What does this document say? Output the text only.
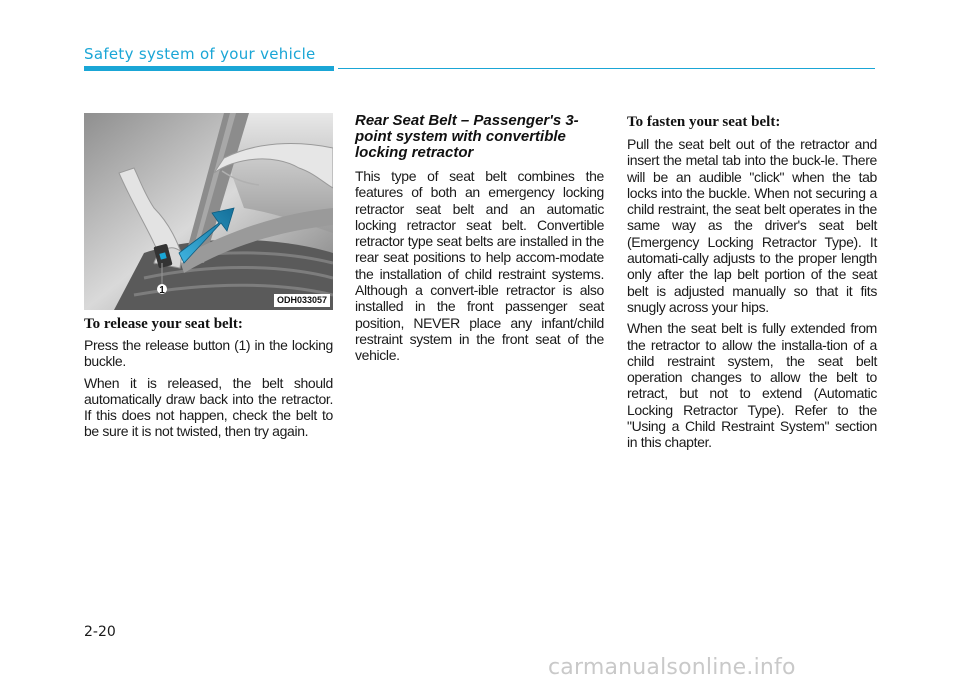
Safety system of your vehicle
1
ODH033057
To release your seat belt:

Press the release button (1) in the locking buckle.

When it is released, the belt should automatically draw back into the retractor. If this does not happen, check the belt to be sure it is not twisted, then try again.

Rear Seat Belt – Passenger's 3-point system with convertible locking retractor

This type of seat belt combines the features of both an emergency locking retractor seat belt and an automatic locking retractor seat belt. Convertible retractor type seat belts are installed in the rear seat positions to help accom-modate the installation of child restraint systems. Although a convert-ible retractor is also installed in the front passenger seat position, NEVER place any infant/child restraint system in the front seat of the vehicle.

To fasten your seat belt:

Pull the seat belt out of the retractor and insert the metal tab into the buck-le. There will be an audible "click" when the tab locks into the buckle. When not securing a child restraint, the seat belt operates in the same way as the driver's seat belt (Emergency Locking Retractor Type). It automati-cally adjusts to the proper length only after the lap belt portion of the seat belt is adjusted manually so that it fits snugly across your hips.

When the seat belt is fully extended from the retractor to allow the installa-tion of a child restraint system, the seat belt operation changes to allow the belt to retract, but not to extend (Automatic Locking Retractor Type). Refer to the "Using a Child Restraint System" section in this chapter.

2-20
carmanualsonline.info
